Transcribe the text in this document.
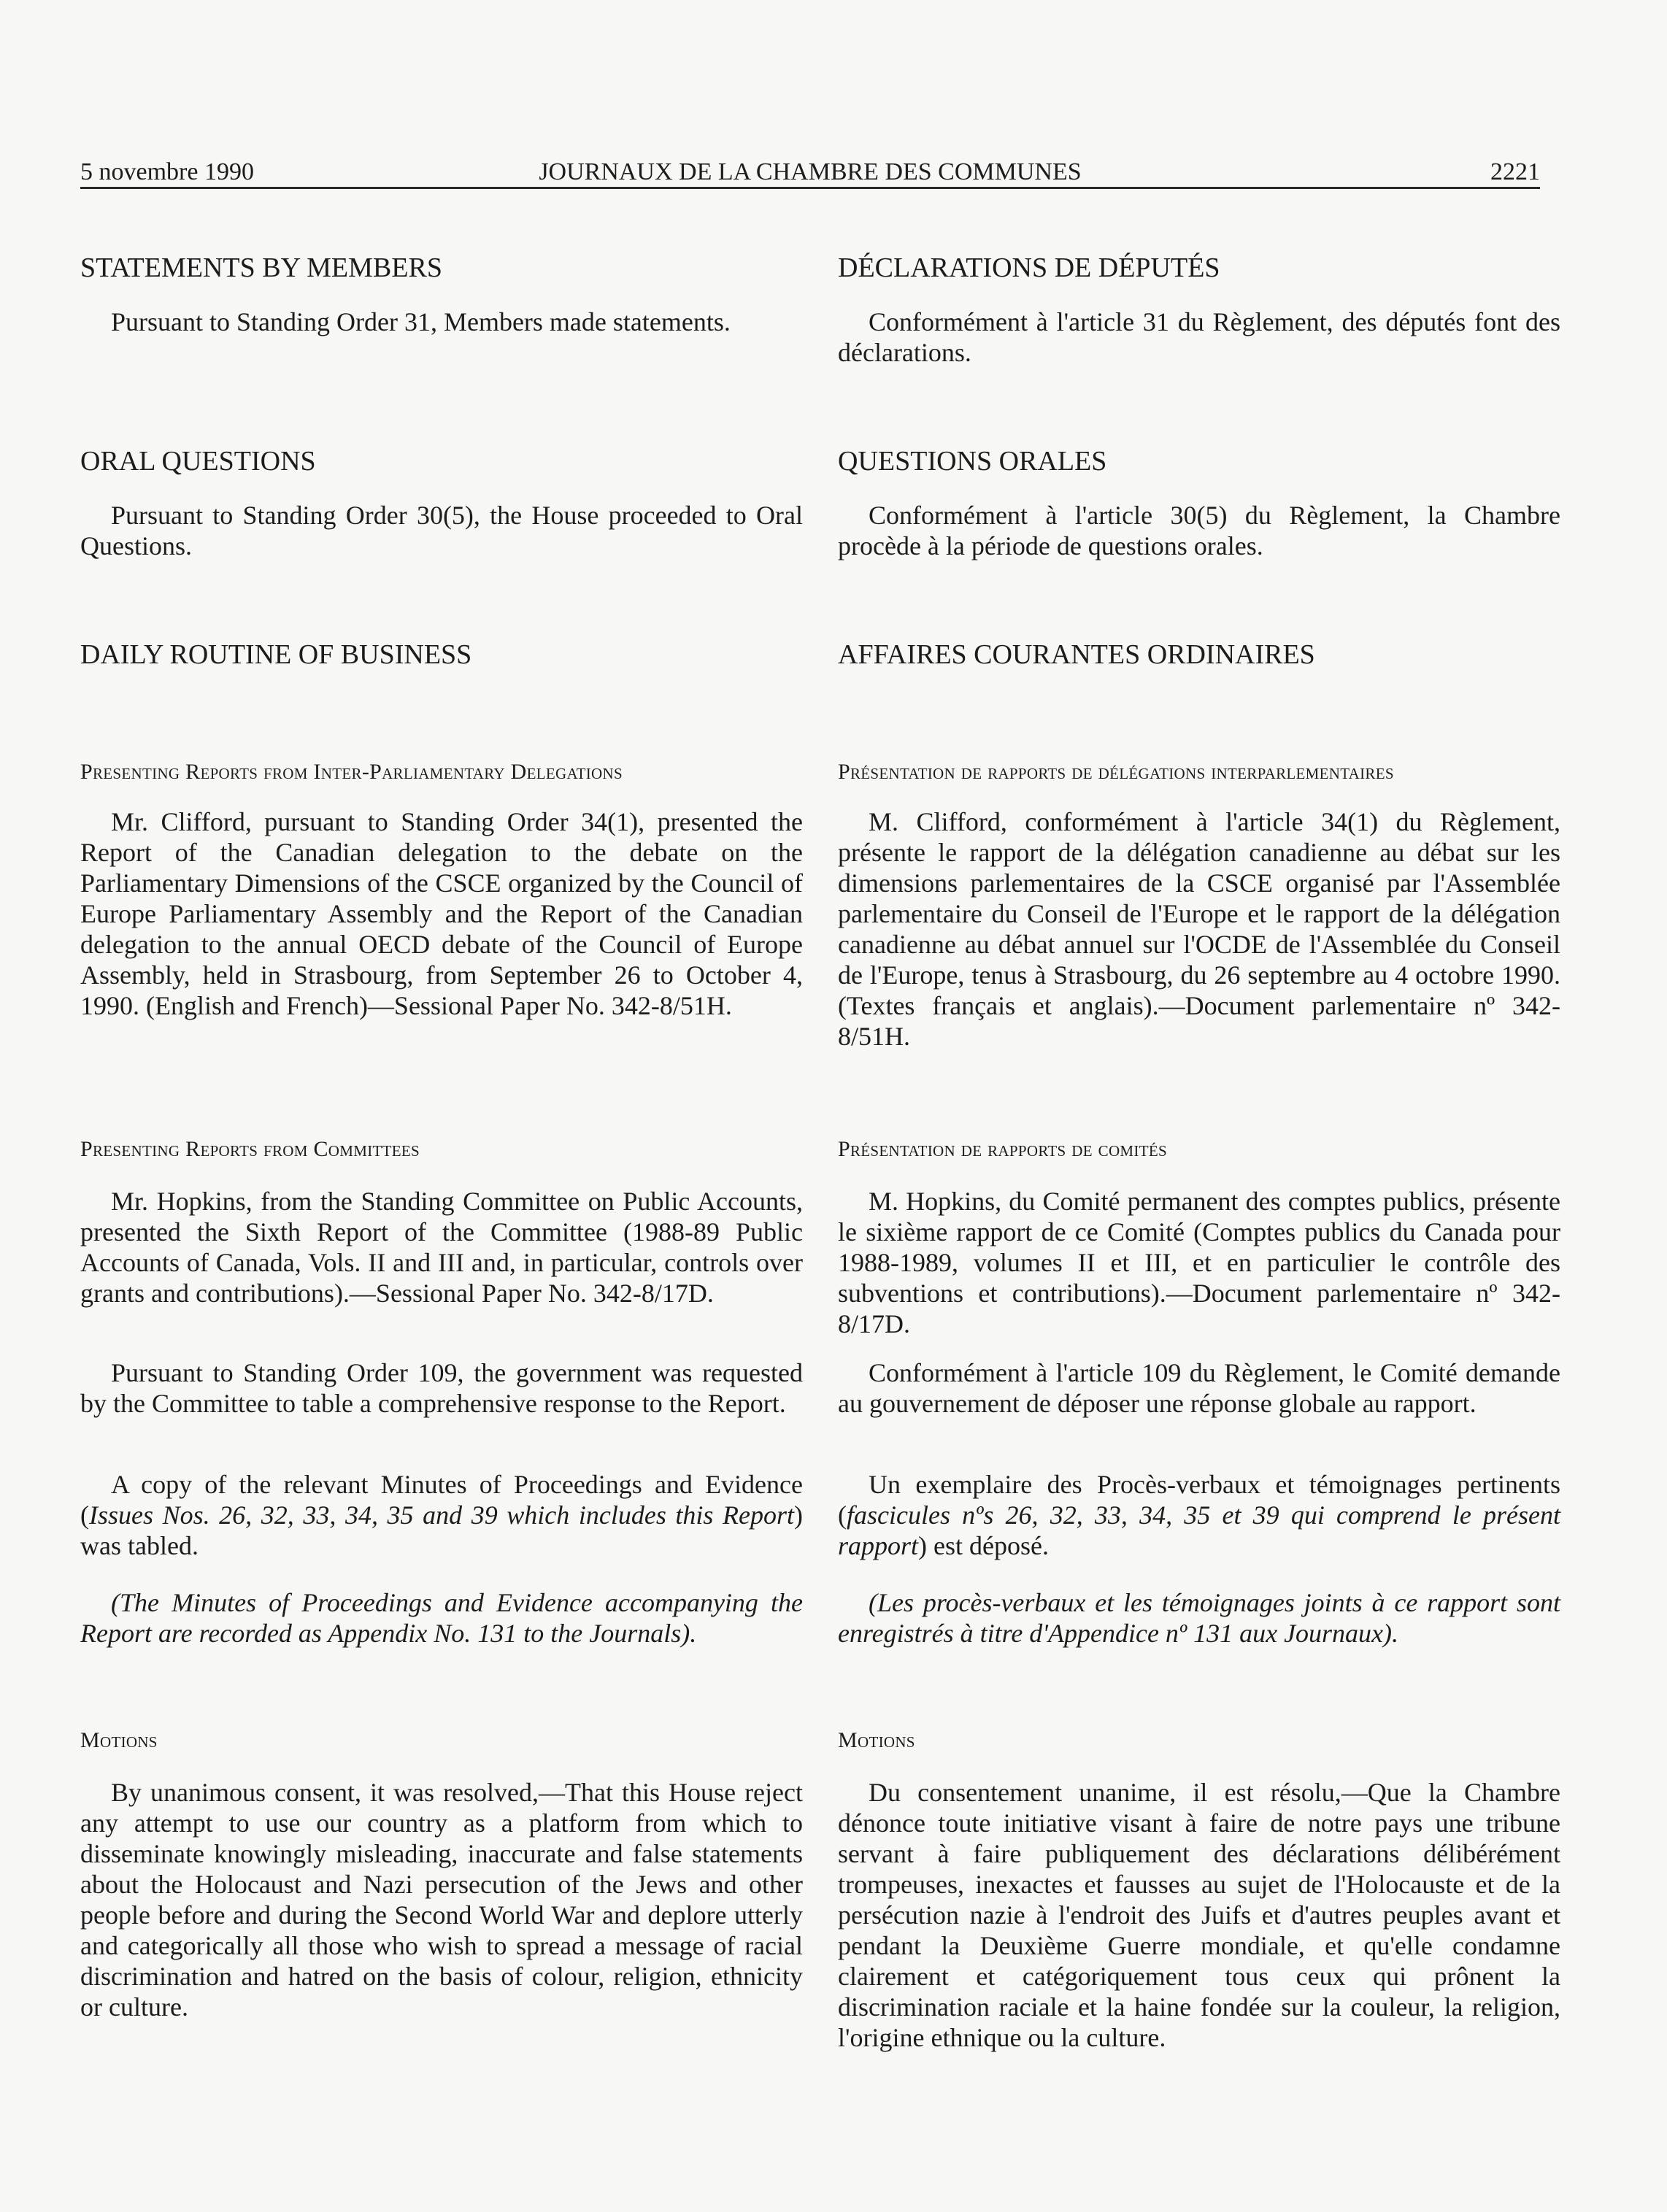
5 novembre 1990	JOURNAUX DE LA CHAMBRE DES COMMUNES	2221
STATEMENTS BY MEMBERS
Pursuant to Standing Order 31, Members made statements.
ORAL QUESTIONS
Pursuant to Standing Order 30(5), the House proceeded to Oral Questions.
DAILY ROUTINE OF BUSINESS
Presenting Reports from Inter-Parliamentary Delegations
Mr. Clifford, pursuant to Standing Order 34(1), presented the Report of the Canadian delegation to the debate on the Parliamentary Dimensions of the CSCE organized by the Council of Europe Parliamentary Assembly and the Report of the Canadian delegation to the annual OECD debate of the Council of Europe Assembly, held in Strasbourg, from September 26 to October 4, 1990. (English and French)—Sessional Paper No. 342-8/51H.
Presenting Reports from Committees
Mr. Hopkins, from the Standing Committee on Public Accounts, presented the Sixth Report of the Committee (1988-89 Public Accounts of Canada, Vols. II and III and, in particular, controls over grants and contributions).—Sessional Paper No. 342-8/17D.
Pursuant to Standing Order 109, the government was requested by the Committee to table a comprehensive response to the Report.
A copy of the relevant Minutes of Proceedings and Evidence (Issues Nos. 26, 32, 33, 34, 35 and 39 which includes this Report) was tabled.
(The Minutes of Proceedings and Evidence accompanying the Report are recorded as Appendix No. 131 to the Journals).
Motions
By unanimous consent, it was resolved,—That this House reject any attempt to use our country as a platform from which to disseminate knowingly misleading, inaccurate and false statements about the Holocaust and Nazi persecution of the Jews and other people before and during the Second World War and deplore utterly and categorically all those who wish to spread a message of racial discrimination and hatred on the basis of colour, religion, ethnicity or culture.
DÉCLARATIONS DE DÉPUTÉS
Conformément à l'article 31 du Règlement, des députés font des déclarations.
QUESTIONS ORALES
Conformément à l'article 30(5) du Règlement, la Chambre procède à la période de questions orales.
AFFAIRES COURANTES ORDINAIRES
Présentation de rapports de délégations interparlementaires
M. Clifford, conformément à l'article 34(1) du Règlement, présente le rapport de la délégation canadienne au débat sur les dimensions parlementaires de la CSCE organisé par l'Assemblée parlementaire du Conseil de l'Europe et le rapport de la délégation canadienne au débat annuel sur l'OCDE de l'Assemblée du Conseil de l'Europe, tenus à Strasbourg, du 26 septembre au 4 octobre 1990. (Textes français et anglais).—Document parlementaire nº 342-8/51H.
Présentation de rapports de comités
M. Hopkins, du Comité permanent des comptes publics, présente le sixième rapport de ce Comité (Comptes publics du Canada pour 1988-1989, volumes II et III, et en particulier le contrôle des subventions et contributions).—Document parlementaire nº 342-8/17D.
Conformément à l'article 109 du Règlement, le Comité demande au gouvernement de déposer une réponse globale au rapport.
Un exemplaire des Procès-verbaux et témoignages pertinents (fascicules nºs 26, 32, 33, 34, 35 et 39 qui comprend le présent rapport) est déposé.
(Les procès-verbaux et les témoignages joints à ce rapport sont enregistrés à titre d'Appendice nº 131 aux Journaux).
Motions
Du consentement unanime, il est résolu,—Que la Chambre dénonce toute initiative visant à faire de notre pays une tribune servant à faire publiquement des déclarations délibérément trompeuses, inexactes et fausses au sujet de l'Holocauste et de la persécution nazie à l'endroit des Juifs et d'autres peuples avant et pendant la Deuxième Guerre mondiale, et qu'elle condamne clairement et catégoriquement tous ceux qui prônent la discrimination raciale et la haine fondée sur la couleur, la religion, l'origine ethnique ou la culture.
